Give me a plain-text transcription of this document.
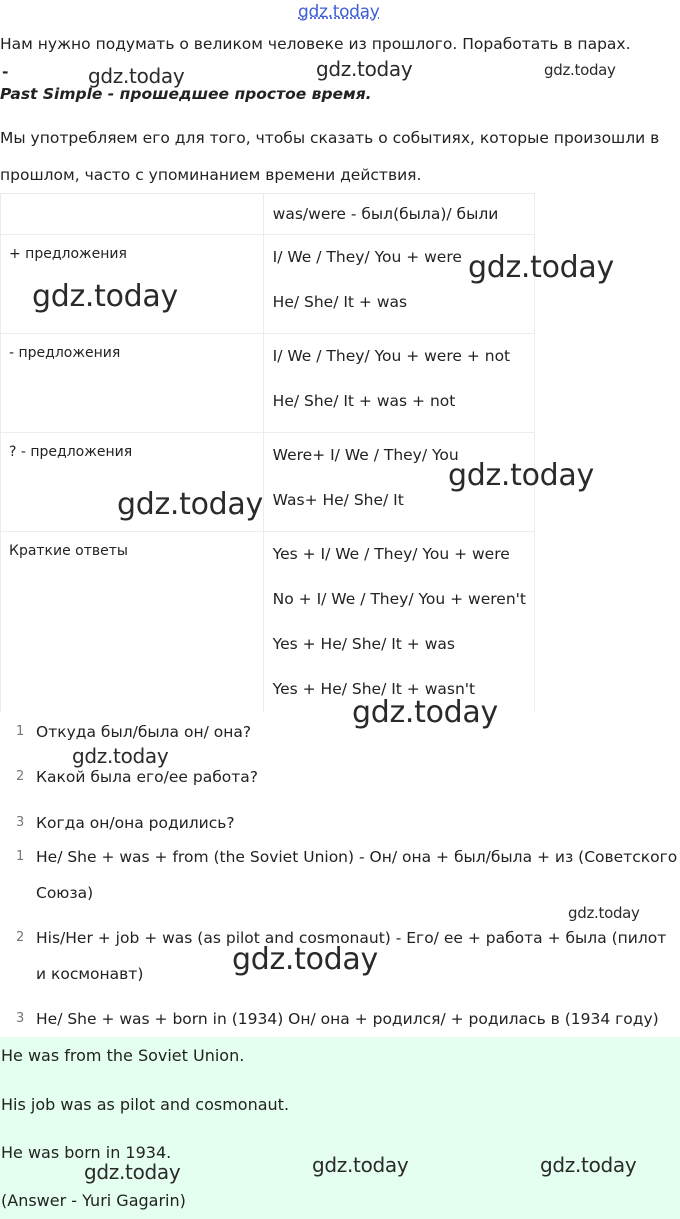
gdz.today
gdz.today	gdz.today	gdz.today
Нам нужно подумать о великом человеке из прошлого. Поработать в парах.
-
Past Simple - прошедшее простое время.
Мы употребляем его для того, чтобы сказать о событиях, которые произошли в
прошлом, часто с упоминанием времени действия.
	was/were - был(была)/ были
+ предложения	I/ We / They/ You + were
He/ She/ It + was

- предложения	I/ We / They/ You + were + not
He/ She/ It + was + not

? - предложения	Were+ I/ We / They/ You
Was+ He/ She/ It

Краткие ответы	Yes + I/ We / They/ You + were
No + I/ We / They/ You + weren't
Yes + He/ She/ It + was
Yes + He/ She/ It + wasn't
gdz.today
gdz.today
gdz.today
gdz.today
gdz.today
1 Откуда был/была он/ она?
gdz.today
2 Какой была его/ее работа?
3 Когда он/она родились?
1 He/ She + was + from (the Soviet Union) - Он/ она + был/была + из (Советского
Союза)
gdz.today
2 His/Her + job + was (as pilot and cosmonaut) - Его/ ее + работа + была (пилот
и космонавт)	gdz.today
3 He/ She + was + born in (1934) Он/ она + родился/ + родилась в (1934 году)
He was from the Soviet Union.
His job was as pilot and cosmonaut.
He was born in 1934.
gdz.today	gdz.today	gdz.today
(Answer - Yuri Gagarin)
